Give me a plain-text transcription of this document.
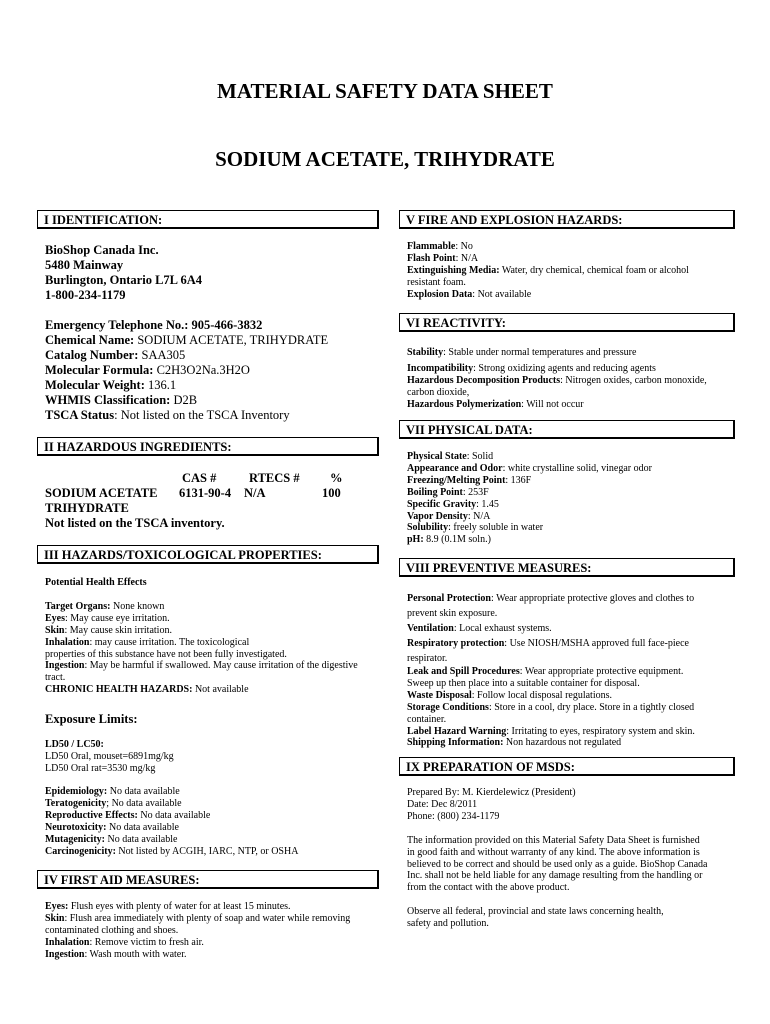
MATERIAL SAFETY DATA SHEET
SODIUM ACETATE, TRIHYDRATE
I IDENTIFICATION:
BioShop Canada Inc.
5480 Mainway
Burlington, Ontario L7L 6A4
1-800-234-1179
Emergency Telephone No.: 905-466-3832
Chemical Name: SODIUM ACETATE, TRIHYDRATE
Catalog Number: SAA305
Molecular Formula: C2H3O2Na.3H2O
Molecular Weight: 136.1
WHMIS Classification: D2B
TSCA Status: Not listed on the TSCA Inventory
II HAZARDOUS INGREDIENTS:
CAS #	RTECS # %
SODIUM ACETATE 6131-90-4 N/A	100
TRIHYDRATE
Not listed on the TSCA inventory.
III HAZARDS/TOXICOLOGICAL PROPERTIES:
Potential Health Effects
Target Organs: None known
Eyes: May cause eye irritation.
Skin: May cause skin irritation.
Inhalation: may cause irritation. The toxicological
properties of this substance have not been fully investigated.
Ingestion: May be harmful if swallowed. May cause irritation of the digestive
tract.
CHRONIC HEALTH HAZARDS: Not available
Exposure Limits:
LD50 / LC50:
LD50 Oral, mouset=6891mg/kg
LD50 Oral rat=3530 mg/kg
Epidemiology: No data available
Teratogenicity; No data available
Reproductive Effects: No data available
Neurotoxicity: No data available
Mutagenicity: No data available
Carcinogenicity: Not listed by ACGIH, IARC, NTP, or OSHA
IV FIRST AID MEASURES:
Eyes: Flush eyes with plenty of water for at least 15 minutes.
Skin: Flush area immediately with plenty of soap and water while removing
contaminated clothing and shoes.
Inhalation: Remove victim to fresh air.
Ingestion: Wash mouth with water.
V FIRE AND EXPLOSION HAZARDS:
Flammable: No
Flash Point: N/A
Extinguishing Media: Water, dry chemical, chemical foam or alcohol
resistant foam.
Explosion Data: Not available
VI REACTIVITY:
Stability: Stable under normal temperatures and pressure
Incompatibility: Strong oxidizing agents and reducing agents
Hazardous Decomposition Products: Nitrogen oxides, carbon monoxide,
carbon dioxide,
Hazardous Polymerization: Will not occur
VII PHYSICAL DATA:
Physical State: Solid
Appearance and Odor: white crystalline solid, vinegar odor
Freezing/Melting Point: 136F
Boiling Point: 253F
Specific Gravity: 1.45
Vapor Density: N/A
Solubility: freely soluble in water
pH: 8.9 (0.1M soln.)
VIII PREVENTIVE MEASURES:
Personal Protection: Wear appropriate protective gloves and clothes to
prevent skin exposure.
Ventilation: Local exhaust systems.
Respiratory protection: Use NIOSH/MSHA approved full face-piece
respirator.
Leak and Spill Procedures: Wear appropriate protective equipment.
Sweep up then place into a suitable container for disposal.
Waste Disposal: Follow local disposal regulations.
Storage Conditions: Store in a cool, dry place. Store in a tightly closed
container.
Label Hazard Warning: Irritating to eyes, respiratory system and skin.
Shipping Information: Non hazardous not regulated
IX PREPARATION OF MSDS:
Prepared By: M. Kierdelewicz (President)
Date: Dec 8/2011
Phone: (800) 234-1179
The information provided on this Material Safety Data Sheet is furnished
in good faith and without warranty of any kind. The above information is
believed to be correct and should be used only as a guide. BioShop Canada
Inc. shall not be held liable for any damage resulting from the handling or
from the contact with the above product.
Observe all federal, provincial and state laws concerning health,
safety and pollution.
